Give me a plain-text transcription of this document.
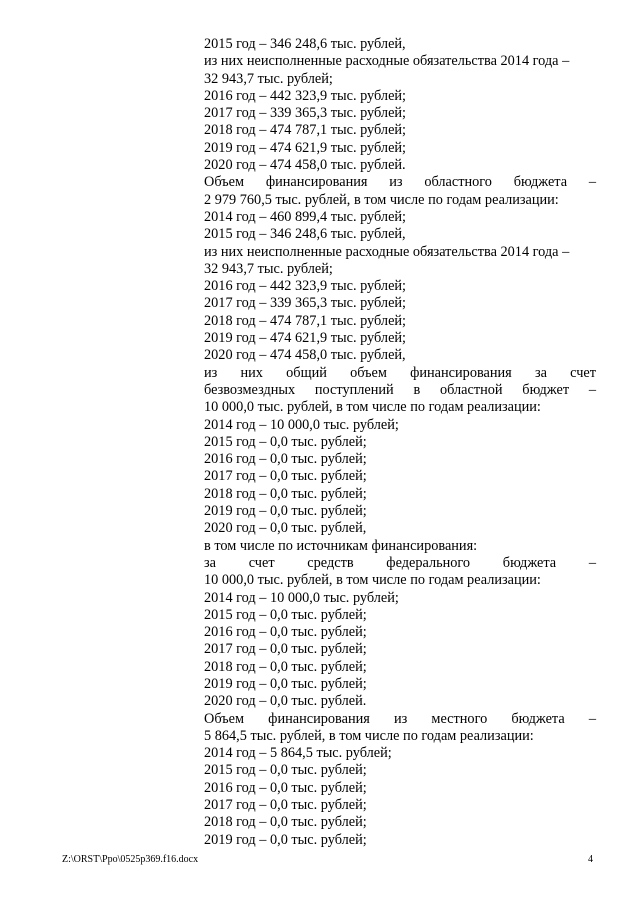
2015 год – 346 248,6 тыс. рублей,
из них неисполненные расходные обязательства 2014 года –
32 943,7 тыс. рублей;
2016 год – 442 323,9 тыс. рублей;
2017 год – 339 365,3 тыс. рублей;
2018 год – 474 787,1 тыс. рублей;
2019 год – 474 621,9 тыс. рублей;
2020 год – 474 458,0 тыс. рублей.
Объем финансирования из областного бюджета –
2 979 760,5 тыс. рублей, в том числе по годам реализации:
2014 год – 460 899,4 тыс. рублей;
2015 год – 346 248,6 тыс. рублей,
из них неисполненные расходные обязательства 2014 года –
32 943,7 тыс. рублей;
2016 год – 442 323,9 тыс. рублей;
2017 год – 339 365,3 тыс. рублей;
2018 год – 474 787,1 тыс. рублей;
2019 год – 474 621,9 тыс. рублей;
2020 год – 474 458,0 тыс. рублей,
из них общий объем финансирования за счет
безвозмездных поступлений в областной бюджет –
10 000,0 тыс. рублей, в том числе по годам реализации:
2014 год – 10 000,0 тыс. рублей;
2015 год – 0,0 тыс. рублей;
2016 год – 0,0 тыс. рублей;
2017 год – 0,0 тыс. рублей;
2018 год – 0,0 тыс. рублей;
2019 год – 0,0 тыс. рублей;
2020 год – 0,0 тыс. рублей,
в том числе по источникам финансирования:
за счет средств федерального бюджета –
10 000,0 тыс. рублей, в том числе по годам реализации:
2014 год – 10 000,0 тыс. рублей;
2015 год – 0,0 тыс. рублей;
2016 год – 0,0 тыс. рублей;
2017 год – 0,0 тыс. рублей;
2018 год – 0,0 тыс. рублей;
2019 год – 0,0 тыс. рублей;
2020 год – 0,0 тыс. рублей.
Объем финансирования из местного бюджета –
5 864,5 тыс. рублей, в том числе по годам реализации:
2014 год – 5 864,5 тыс. рублей;
2015 год – 0,0 тыс. рублей;
2016 год – 0,0 тыс. рублей;
2017 год – 0,0 тыс. рублей;
2018 год – 0,0 тыс. рублей;
2019 год – 0,0 тыс. рублей;
Z:\ORST\Ppo\0525p369.f16.docx	4
